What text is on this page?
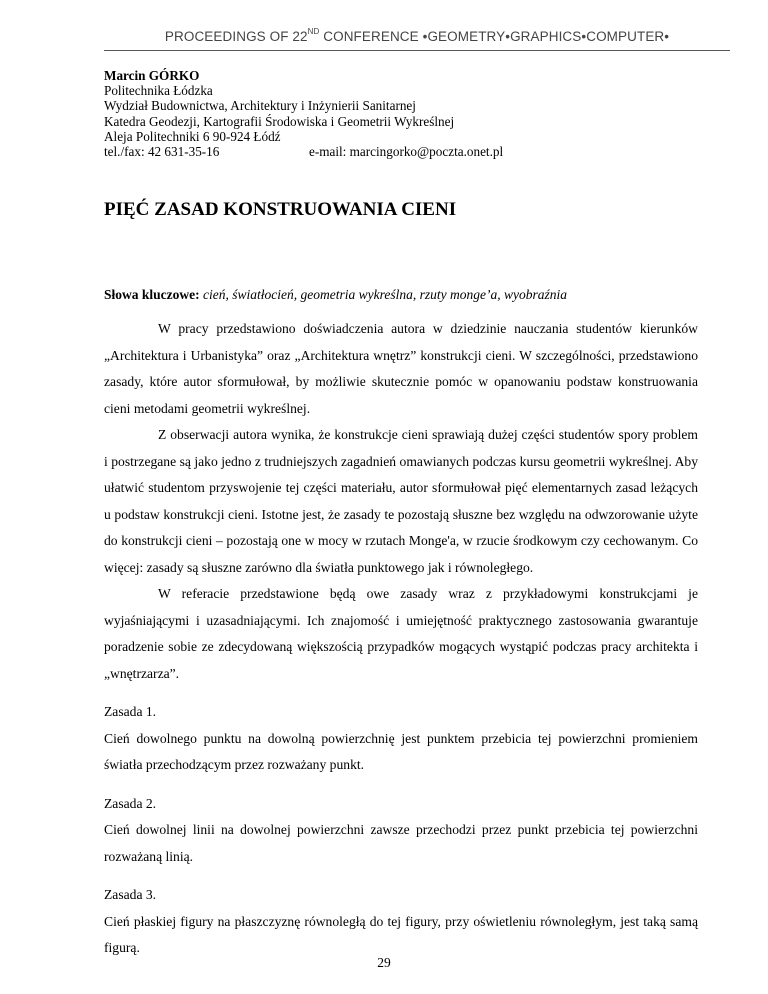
PROCEEDINGS OF 22ND CONFERENCE •GEOMETRY•GRAPHICS•COMPUTER•
Marcin GÓRKO
Politechnika Łódzka
Wydział Budownictwa, Architektury i Inżynierii Sanitarnej
Katedra Geodezji, Kartografii Środowiska i Geometrii Wykreślnej
Aleja Politechniki 6 90-924 Łódź
tel./fax: 42 631-35-16	e-mail: marcingorko@poczta.onet.pl
PIĘĆ ZASAD KONSTRUOWANIA CIENI
Słowa kluczowe: cień, światłocień, geometria wykreślna, rzuty monge’a, wyobraźnia

W pracy przedstawiono doświadczenia autora w dziedzinie nauczania studentów kierunków „Architektura i Urbanistyka” oraz „Architektura wnętrz” konstrukcji cieni. W szczególności, przedstawiono zasady, które autor sformułował, by możliwie skutecznie pomóc w opanowaniu podstaw konstruowania cieni metodami geometrii wykreślnej.

Z obserwacji autora wynika, że konstrukcje cieni sprawiają dużej części studentów spory problem i postrzegane są jako jedno z trudniejszych zagadnień omawianych podczas kursu geometrii wykreślnej. Aby ułatwić studentom przyswojenie tej części materiału, autor sformułował pięć elementarnych zasad leżących u podstaw konstrukcji cieni. Istotne jest, że zasady te pozostają słuszne bez względu na odwzorowanie użyte do konstrukcji cieni – pozostają one w mocy w rzutach Monge'a, w rzucie środkowym czy cechowanym. Co więcej: zasady są słuszne zarówno dla światła punktowego jak i równoległego.

W referacie przedstawione będą owe zasady wraz z przykładowymi konstrukcjami je wyjaśniającymi i uzasadniającymi. Ich znajomość i umiejętność praktycznego zastosowania gwarantuje poradzenie sobie ze zdecydowaną większością przypadków mogących wystąpić podczas pracy architekta i „wnętrzarza”.

Zasada 1.

Cień dowolnego punktu na dowolną powierzchnię jest punktem przebicia tej powierzchni promieniem światła przechodzącym przez rozważany punkt.

Zasada 2.

Cień dowolnej linii na dowolnej powierzchni zawsze przechodzi przez punkt przebicia tej powierzchni rozważaną linią.

Zasada 3.

Cień płaskiej figury na płaszczyznę równoległą do tej figury, przy oświetleniu równoległym, jest taką samą figurą.

29
